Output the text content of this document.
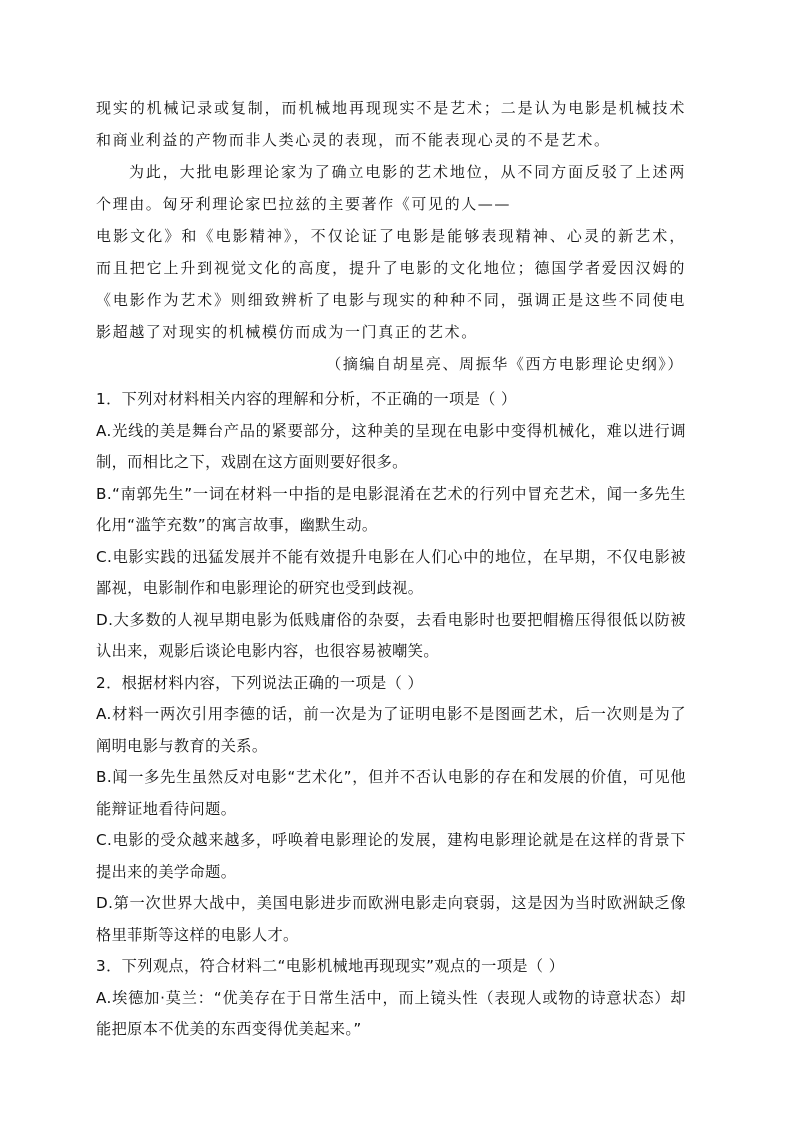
现实的机械记录或复制，而机械地再现现实不是艺术；二是认为电影是机械技术和商业利益的产物而非人类心灵的表现，而不能表现心灵的不是艺术。

为此，大批电影理论家为了确立电影的艺术地位，从不同方面反驳了上述两个理由。匈牙利理论家巴拉兹的主要著作《可见的人——

电影文化》和《电影精神》，不仅论证了电影是能够表现精神、心灵的新艺术，而且把它上升到视觉文化的高度，提升了电影的文化地位；德国学者爱因汉姆的《电影作为艺术》则细致辨析了电影与现实的种种不同，强调正是这些不同使电影超越了对现实的机械模仿而成为一门真正的艺术。

（摘编自胡星亮、周振华《西方电影理论史纲》）

1．下列对材料相关内容的理解和分析，不正确的一项是（ ）

A.光线的美是舞台产品的紧要部分，这种美的呈现在电影中变得机械化，难以进行调制，而相比之下，戏剧在这方面则要好很多。

B.“南郭先生”一词在材料一中指的是电影混淆在艺术的行列中冒充艺术，闻一多先生化用“滥竽充数”的寓言故事，幽默生动。

C.电影实践的迅猛发展并不能有效提升电影在人们心中的地位，在早期，不仅电影被鄙视，电影制作和电影理论的研究也受到歧视。

D.大多数的人视早期电影为低贱庸俗的杂耍，去看电影时也要把帽檐压得很低以防被认出来，观影后谈论电影内容，也很容易被嘲笑。

2．根据材料内容，下列说法正确的一项是（ ）

A.材料一两次引用李德的话，前一次是为了证明电影不是图画艺术，后一次则是为了阐明电影与教育的关系。

B.闻一多先生虽然反对电影“艺术化”，但并不否认电影的存在和发展的价值，可见他能辩证地看待问题。

C.电影的受众越来越多，呼唤着电影理论的发展，建构电影理论就是在这样的背景下提出来的美学命题。

D.第一次世界大战中，美国电影进步而欧洲电影走向衰弱，这是因为当时欧洲缺乏像格里菲斯等这样的电影人才。

3．下列观点，符合材料二“电影机械地再现现实”观点的一项是（ ）

A.埃德加·莫兰：“优美存在于日常生活中，而上镜头性（表现人或物的诗意状态）却能把原本不优美的东西变得优美起来。”
